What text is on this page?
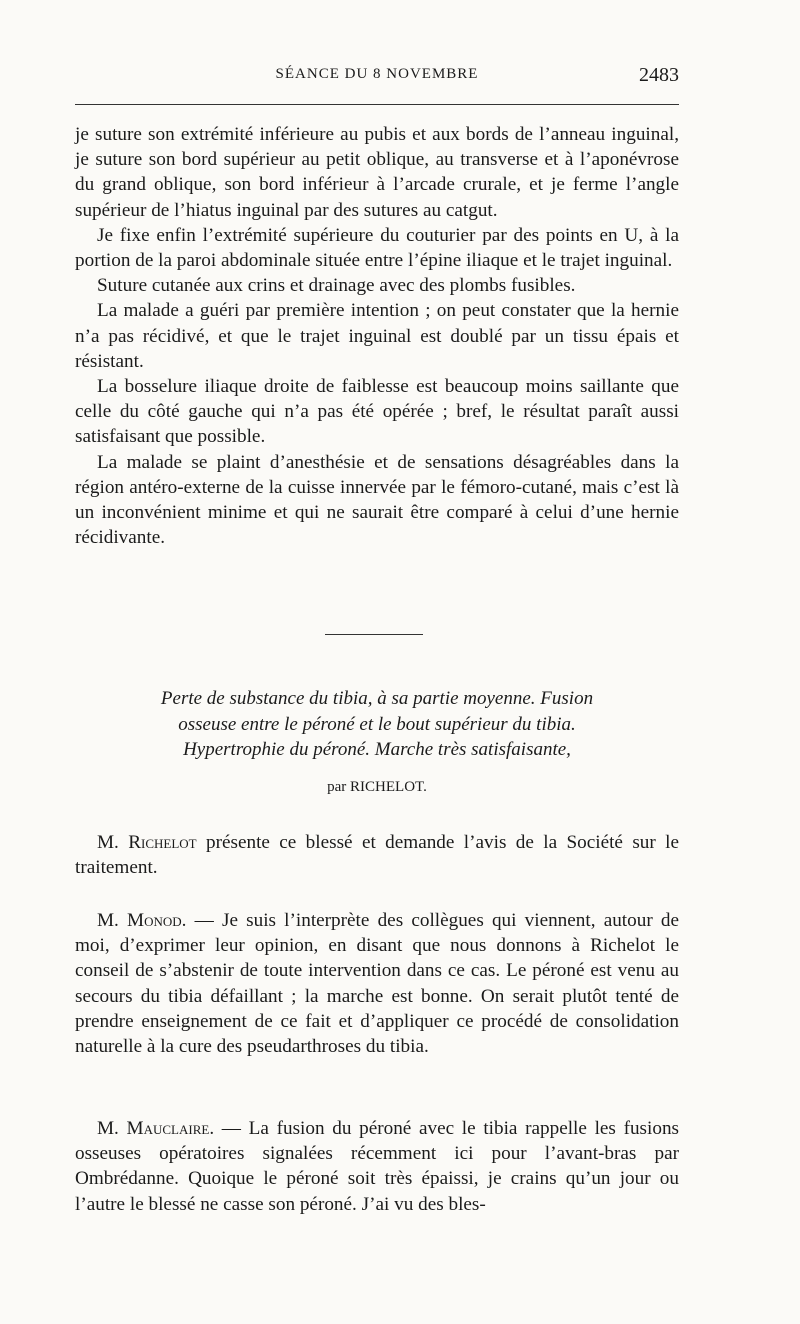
SÉANCE DU 8 NOVEMBRE	2483

je suture son extrémité inférieure au pubis et aux bords de l’anneau inguinal, je suture son bord supérieur au petit oblique, au transverse et à l’aponévrose du grand oblique, son bord inférieur à l’arcade crurale, et je ferme l’angle supérieur de l’hiatus inguinal par des sutures au catgut.

Je fixe enfin l’extrémité supérieure du couturier par des points en U, à la portion de la paroi abdominale située entre l’épine iliaque et le trajet inguinal.

Suture cutanée aux crins et drainage avec des plombs fusibles.

La malade a guéri par première intention ; on peut constater que la hernie n’a pas récidivé, et que le trajet inguinal est doublé par un tissu épais et résistant.

La bosselure iliaque droite de faiblesse est beaucoup moins saillante que celle du côté gauche qui n’a pas été opérée ; bref, le résultat paraît aussi satisfaisant que possible.

La malade se plaint d’anesthésie et de sensations désagréables dans la région antéro-externe de la cuisse innervée par le fémoro-cutané, mais c’est là un inconvénient minime et qui ne saurait être comparé à celui d’une hernie récidivante.

Perte de substance du tibia, à sa partie moyenne. Fusion
osseuse entre le péroné et le bout supérieur du tibia.
Hypertrophie du péroné. Marche très satisfaisante,
par RICHELOT.

M. Richelot présente ce blessé et demande l’avis de la Société sur le traitement.

M. Monod. — Je suis l’interprète des collègues qui viennent, autour de moi, d’exprimer leur opinion, en disant que nous donnons à Richelot le conseil de s’abstenir de toute intervention dans ce cas. Le péroné est venu au secours du tibia défaillant ; la marche est bonne. On serait plutôt tenté de prendre enseignement de ce fait et d’appliquer ce procédé de consolidation naturelle à la cure des pseudarthroses du tibia.

M. Mauclaire. — La fusion du péroné avec le tibia rappelle les fusions osseuses opératoires signalées récemment ici pour l’avant-bras par Ombrédanne. Quoique le péroné soit très épaissi, je crains qu’un jour ou l’autre le blessé ne casse son péroné. J’ai vu des bles-
